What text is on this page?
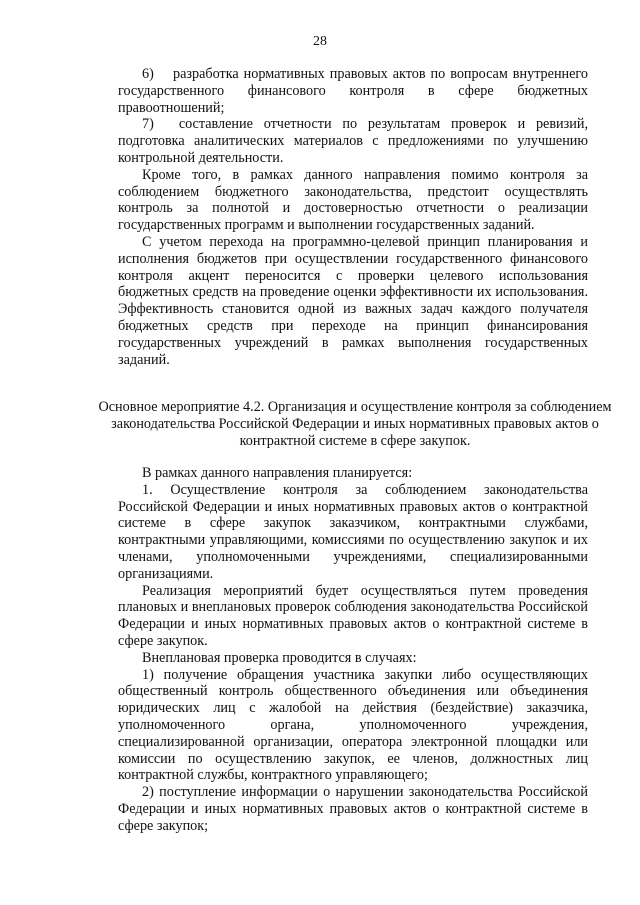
28

6)  разработка нормативных правовых актов по вопросам внутреннего государственного финансового контроля в сфере бюджетных правоотношений;

7)  составление отчетности по результатам проверок и ревизий, подготовка аналитических материалов с предложениями по улучшению контрольной деятельности.

Кроме того, в рамках данного направления помимо контроля за соблюдением бюджетного законодательства, предстоит осуществлять контроль за полнотой и достоверностью отчетности о реализации государственных программ и выполнении государственных заданий.

С учетом перехода на программно-целевой принцип планирования и исполнения бюджетов при осуществлении государственного финансового контроля акцент переносится с проверки целевого использования бюджетных средств на проведение оценки эффективности их использования. Эффективность становится одной из важных задач каждого получателя бюджетных средств при переходе на принцип финансирования государственных учреждений в рамках выполнения государственных заданий.

Основное мероприятие 4.2. Организация и осуществление контроля за соблюдением законодательства Российской Федерации и иных нормативных правовых актов о контрактной системе в сфере закупок.

В рамках данного направления планируется:

1. Осуществление контроля за соблюдением законодательства Российской Федерации и иных нормативных правовых актов о контрактной системе в сфере закупок заказчиком, контрактными службами, контрактными управляющими, комиссиями по осуществлению закупок и их членами, уполномоченными учреждениями, специализированными организациями.

Реализация мероприятий будет осуществляться путем проведения плановых и внеплановых проверок соблюдения законодательства Российской Федерации и иных нормативных правовых актов о контрактной системе в сфере закупок.

Внеплановая проверка проводится в случаях:

1) получение обращения участника закупки либо осуществляющих общественный контроль общественного объединения или объединения юридических лиц с жалобой на действия (бездействие) заказчика, уполномоченного органа, уполномоченного учреждения, специализированной организации, оператора электронной площадки или комиссии по осуществлению закупок, ее членов, должностных лиц контрактной службы, контрактного управляющего;

2) поступление информации о нарушении законодательства Российской Федерации и иных нормативных правовых актов о контрактной системе в сфере закупок;
